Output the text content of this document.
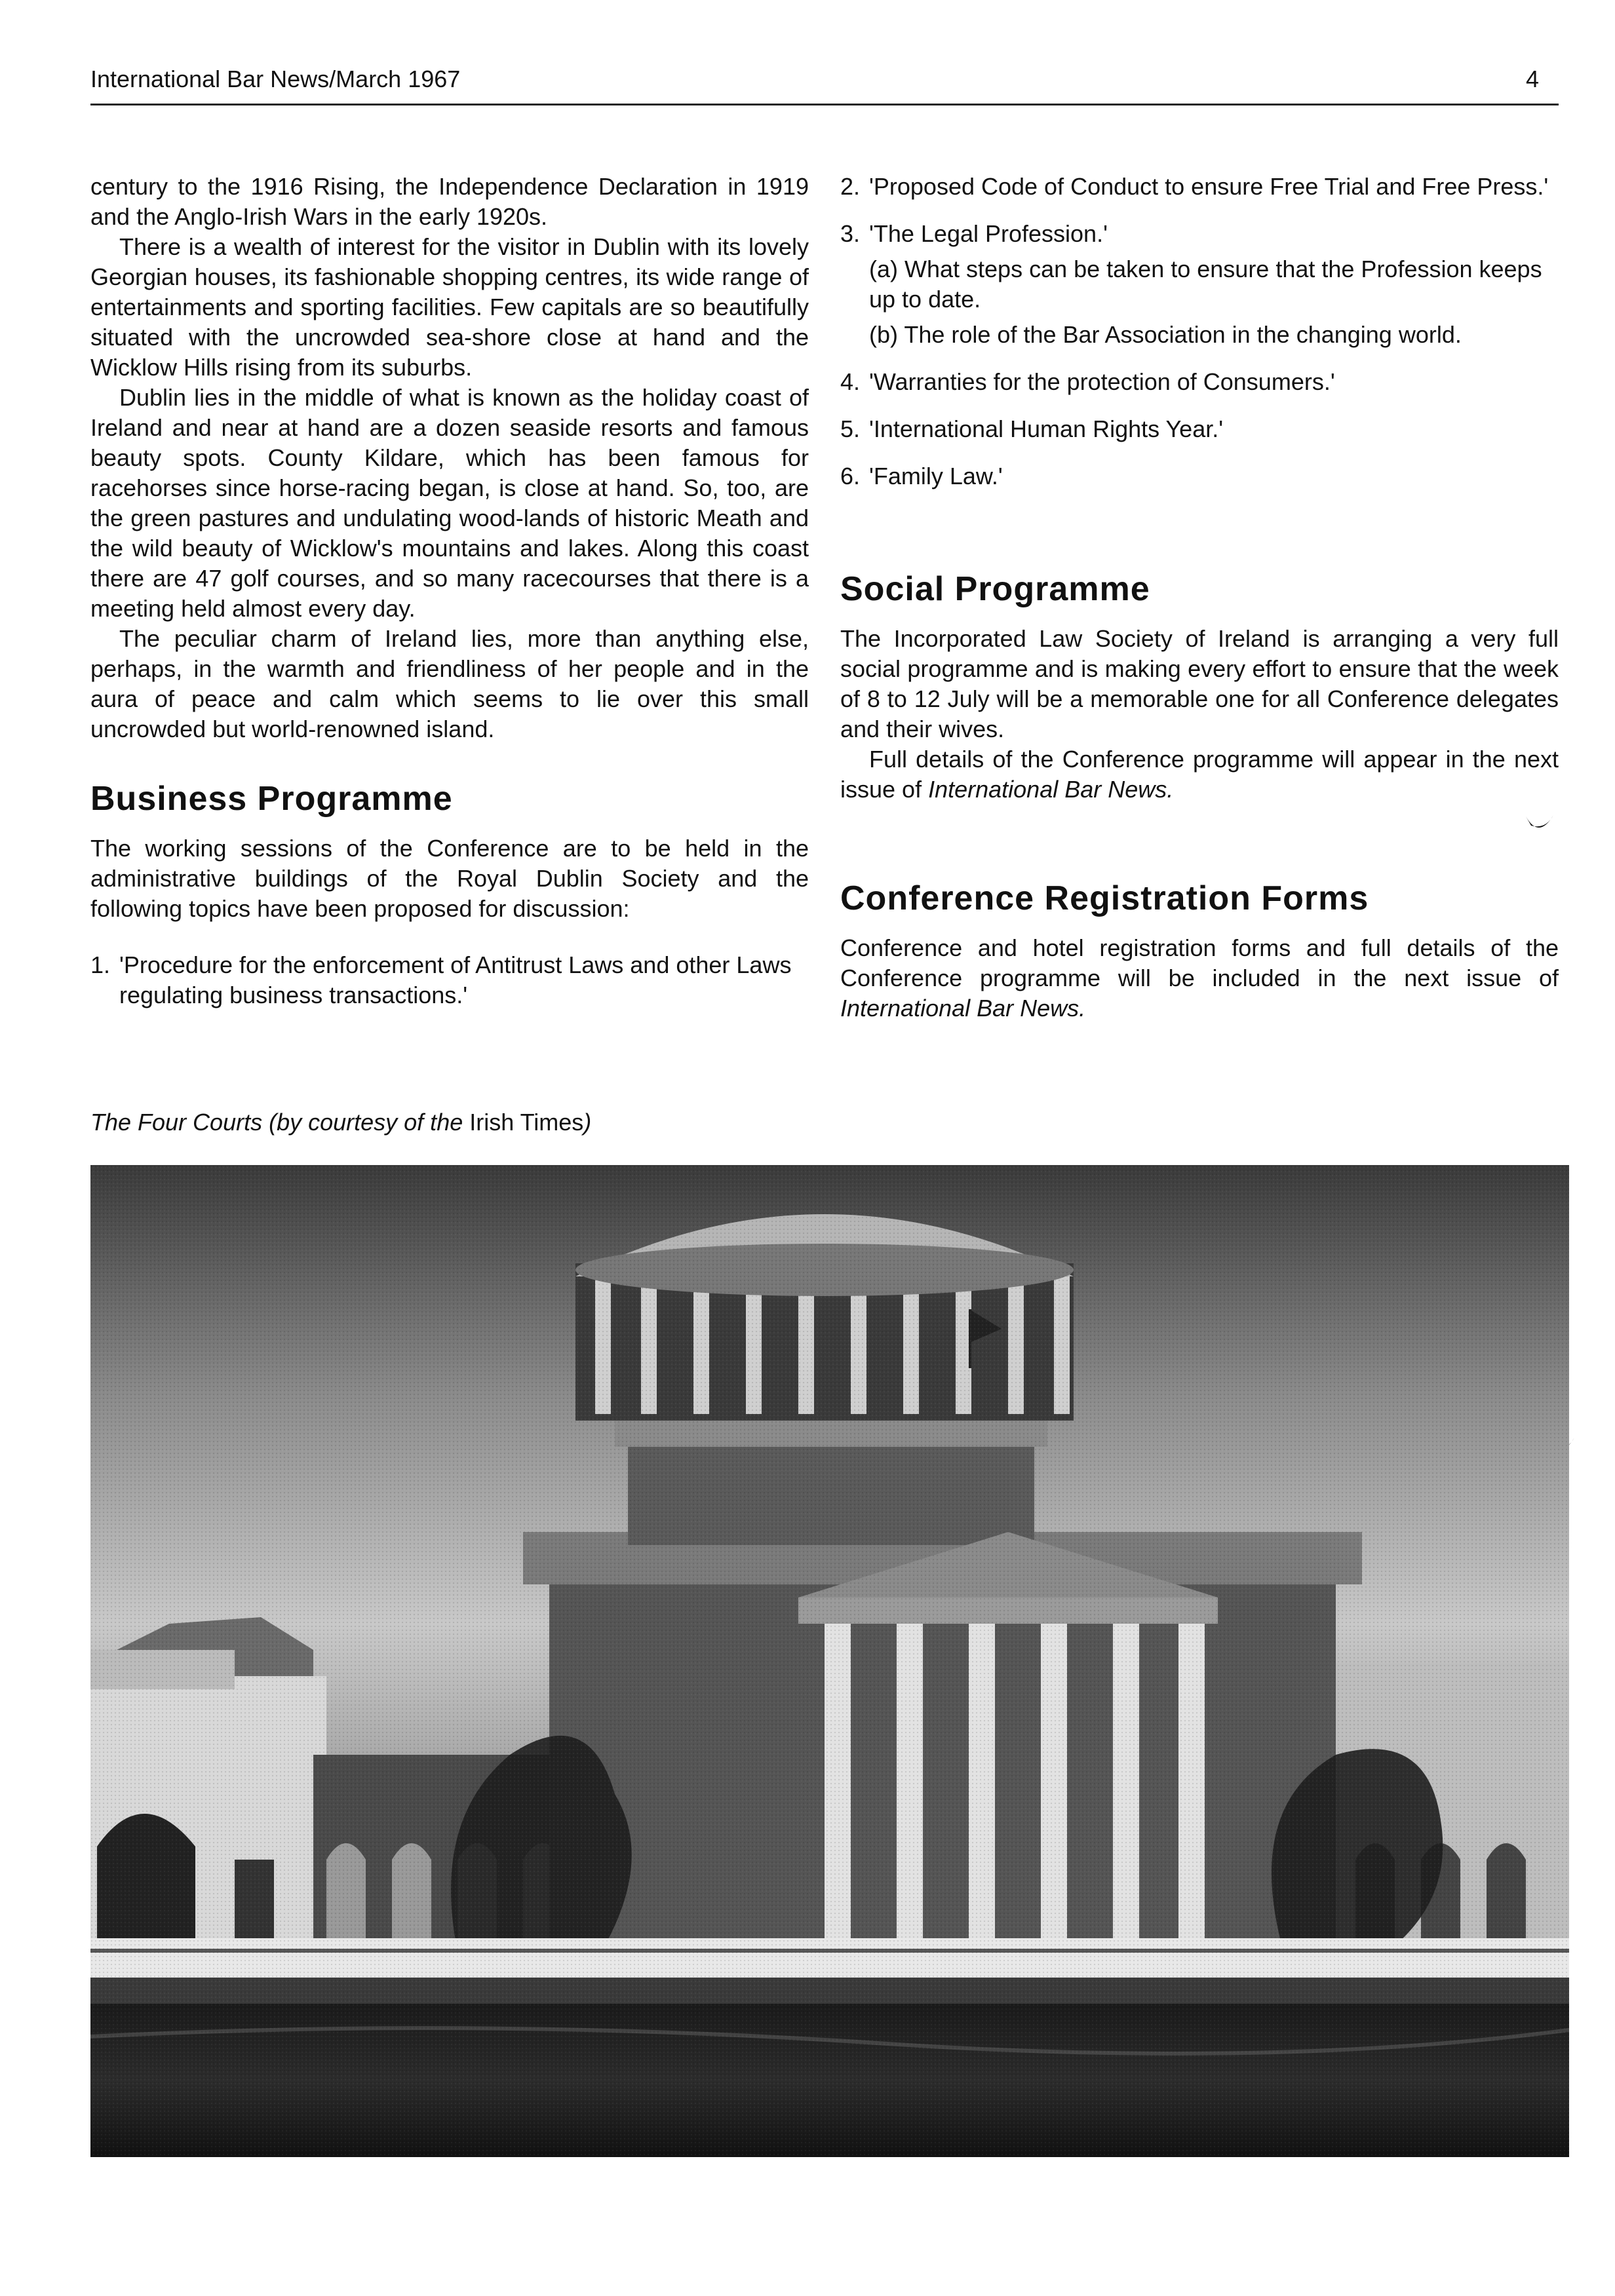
International Bar News/March 1967	4

century to the 1916 Rising, the Independence Declaration in 1919 and the Anglo-Irish Wars in the early 1920s.

There is a wealth of interest for the visitor in Dublin with its lovely Georgian houses, its fashionable shopping centres, its wide range of entertainments and sporting facilities. Few capitals are so beautifully situated with the uncrowded sea-shore close at hand and the Wicklow Hills rising from its suburbs.

Dublin lies in the middle of what is known as the holiday coast of Ireland and near at hand are a dozen seaside resorts and famous beauty spots. County Kildare, which has been famous for racehorses since horse-racing began, is close at hand. So, too, are the green pastures and undulating wood-lands of historic Meath and the wild beauty of Wicklow's mountains and lakes. Along this coast there are 47 golf courses, and so many racecourses that there is a meeting held almost every day.

The peculiar charm of Ireland lies, more than anything else, perhaps, in the warmth and friendliness of her people and in the aura of peace and calm which seems to lie over this small uncrowded but world-renowned island.

Business Programme

The working sessions of the Conference are to be held in the administrative buildings of the Royal Dublin Society and the following topics have been proposed for discussion:

1. 'Procedure for the enforcement of Antitrust Laws and other Laws regulating business transactions.'
2. 'Proposed Code of Conduct to ensure Free Trial and Free Press.'
3. 'The Legal Profession.'
(a) What steps can be taken to ensure that the Profession keeps up to date.
(b) The role of the Bar Association in the changing world.
4. 'Warranties for the protection of Consumers.'
5. 'International Human Rights Year.'
6. 'Family Law.'
Social Programme

The Incorporated Law Society of Ireland is arranging a very full social programme and is making every effort to ensure that the week of 8 to 12 July will be a memorable one for all Conference delegates and their wives.

Full details of the Conference programme will appear in the next issue of International Bar News.

Conference Registration Forms

Conference and hotel registration forms and full details of the Conference programme will be included in the next issue of International Bar News.

The Four Courts (by courtesy of the Irish Times)
